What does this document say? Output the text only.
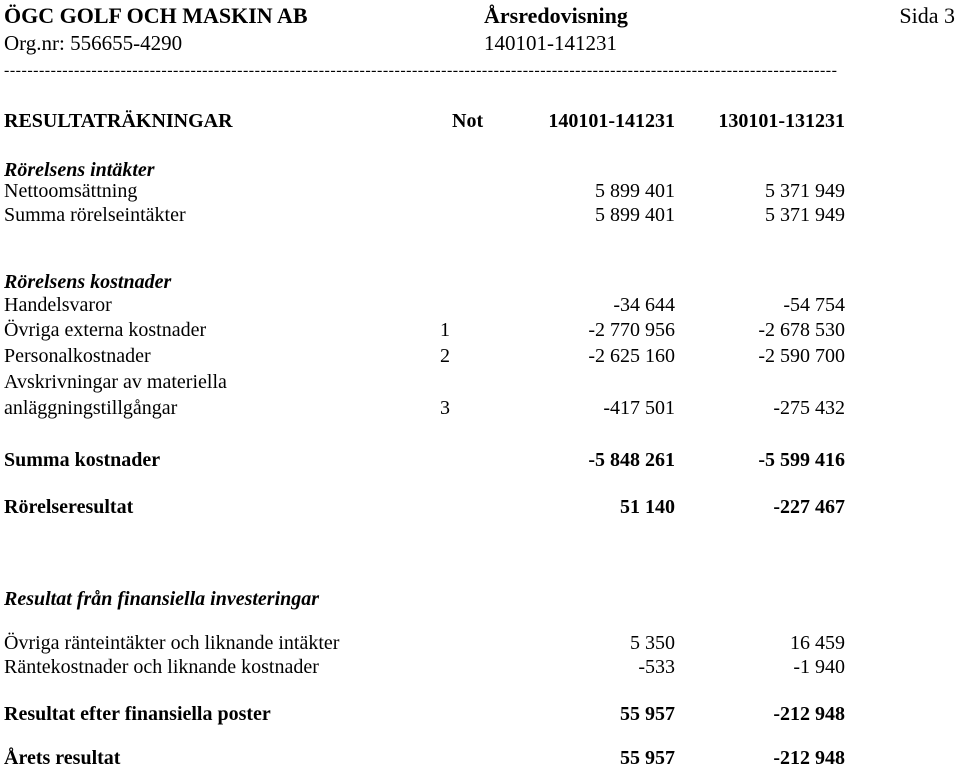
ÖGC GOLF OCH MASKIN AB	Årsredovisning	Sida 3
Org.nr: 556655-4290	140101-141231
-----------------------------------------------------------------------------------------------------------------------------------------------
RESULTATRÄKNINGAR	Not	140101-141231	130101-131231
Rörelsens intäkter
Nettoomsättning	5 899 401	5 371 949
Summa rörelseintäkter	5 899 401	5 371 949
Rörelsens kostnader
Handelsvaror	-34 644	-54 754
Övriga externa kostnader	1	-2 770 956	-2 678 530
Personalkostnader	2	-2 625 160	-2 590 700
Avskrivningar av materiella
anläggningstillgångar	3	-417 501	-275 432
Summa kostnader	-5 848 261	-5 599 416
Rörelseresultat	51 140	-227 467
Resultat från finansiella investeringar
Övriga ränteintäkter och liknande intäkter	5 350	16 459
Räntekostnader och liknande kostnader	-533	-1 940
Resultat efter finansiella poster	55 957	-212 948
Årets resultat	55 957	-212 948
